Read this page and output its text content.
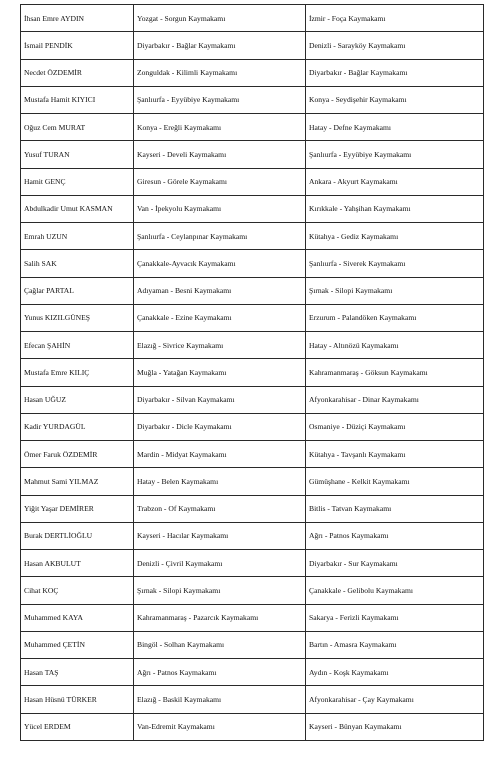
İhsan Emre AYDIN	Yozgat - Sorgun Kaymakamı	İzmir - Foça Kaymakamı
İsmail PENDİK	Diyarbakır - Bağlar Kaymakamı	Denizli - Sarayköy Kaymakamı
Necdet ÖZDEMİR	Zonguldak - Kilimli Kaymakamı	Diyarbakır - Bağlar Kaymakamı
Mustafa Hamit KIYICI	Şanlıurfa - Eyyübiye Kaymakamı	Konya - Seydişehir Kaymakamı
Oğuz Cem MURAT	Konya - Ereğli Kaymakamı	Hatay - Defne Kaymakamı
Yusuf TURAN	Kayseri - Develi Kaymakamı	Şanlıurfa - Eyyübiye Kaymakamı
Hamit GENÇ	Giresun - Görele Kaymakamı	Ankara - Akyurt Kaymakamı
Abdulkadir Umut KASMAN	Van - İpekyolu Kaymakamı	Kırıkkale - Yahşihan Kaymakamı
Emrah UZUN	Şanlıurfa - Ceylanpınar Kaymakamı	Kütahya - Gediz Kaymakamı
Salih SAK	Çanakkale-Ayvacık Kaymakamı	Şanlıurfa - Siverek Kaymakamı
Çağlar PARTAL	Adıyaman - Besni Kaymakamı	Şırnak - Silopi Kaymakamı
Yunus KIZILGÜNEŞ	Çanakkale - Ezine Kaymakamı	Erzurum - Palandöken Kaymakamı
Efecan ŞAHİN	Elazığ - Sivrice Kaymakamı	Hatay - Altınözü Kaymakamı
Mustafa Emre KILIÇ	Muğla - Yatağan Kaymakamı	Kahramanmaraş - Göksun Kaymakamı
Hasan UĞUZ	Diyarbakır - Silvan Kaymakamı	Afyonkarahisar - Dinar Kaymakamı
Kadir YURDAGÜL	Diyarbakır - Dicle Kaymakamı	Osmaniye - Düziçi Kaymakamı
Ömer Faruk ÖZDEMİR	Mardin - Midyat Kaymakamı	Kütahya - Tavşanlı Kaymakamı
Mahmut Sami YILMAZ	Hatay - Belen Kaymakamı	Gümüşhane - Kelkit Kaymakamı
Yiğit Yaşar DEMİRER	Trabzon - Of Kaymakamı	Bitlis - Tatvan Kaymakamı
Burak DERTLİOĞLU	Kayseri - Hacılar Kaymakamı	Ağrı - Patnos Kaymakamı
Hasan AKBULUT	Denizli - Çivril Kaymakamı	Diyarbakır - Sur Kaymakamı
Cihat KOÇ	Şırnak - Silopi Kaymakamı	Çanakkale - Gelibolu Kaymakamı
Muhammed KAYA	Kahramanmaraş - Pazarcık Kaymakamı	Sakarya - Ferizli Kaymakamı
Muhammed ÇETİN	Bingöl - Solhan Kaymakamı	Bartın - Amasra Kaymakamı
Hasan TAŞ	Ağrı - Patnos Kaymakamı	Aydın - Koşk Kaymakamı
Hasan Hüsnü TÜRKER	Elazığ - Baskil Kaymakamı	Afyonkarahisar - Çay Kaymakamı
Yücel ERDEM	Van-Edremit Kaymakamı	Kayseri - Bünyan Kaymakamı
